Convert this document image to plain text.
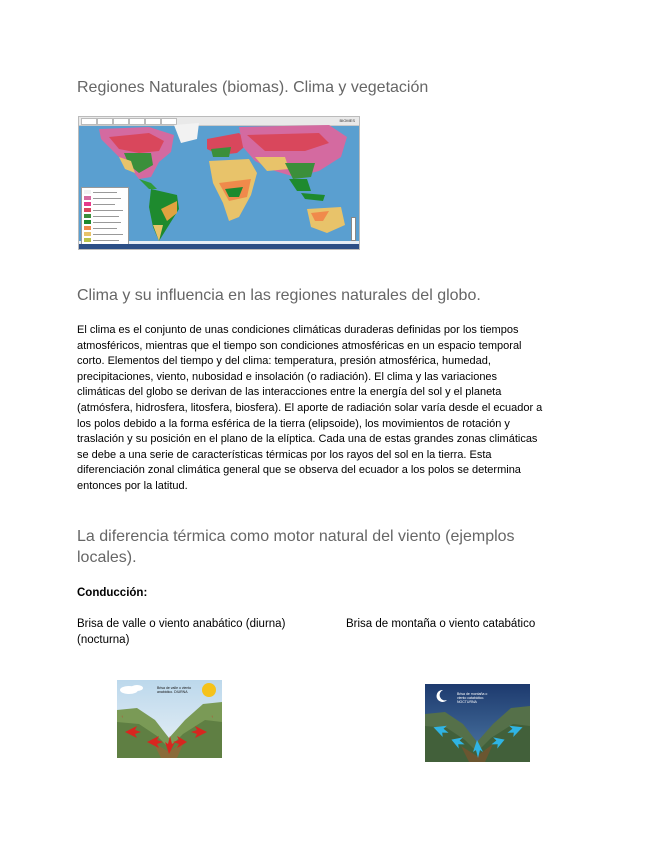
Regiones Naturales (biomas). Clima y vegetación
BIOMES
Clima y su influencia en las regiones naturales del globo.
El clima es el conjunto de unas condiciones climáticas duraderas definidas por los tiempos
atmosféricos, mientras que el tiempo son condiciones atmosféricas en un espacio temporal
corto. Elementos del tiempo y del clima: temperatura, presión atmosférica, humedad,
precipitaciones, viento, nubosidad e insolación (o radiación). El clima y las variaciones
climáticas del globo se derivan de las interacciones entre la energía del sol y el planeta
(atmósfera, hidrosfera, litosfera, biosfera). El aporte de radiación solar varía desde el ecuador a
los polos debido a la forma esférica de la tierra (elipsoide), los movimientos de rotación y
traslación y su posición en el plano de la elíptica. Cada una de estas grandes zonas climáticas
se debe a una serie de características térmicas por los rayos del sol en la tierra. Esta
diferenciación zonal climática general que se observa del ecuador a los polos se determina
entonces por la latitud.
La diferencia térmica como motor natural del viento (ejemplos
locales).
Conducción:
Brisa de valle o viento anabático (diurna)
(nocturna)
Brisa de montaña o viento catabático
↑	↑
Brisa de valle o viento anabático. DIURNA	Brisa de montaña o viento catabático. NOCTURNA
